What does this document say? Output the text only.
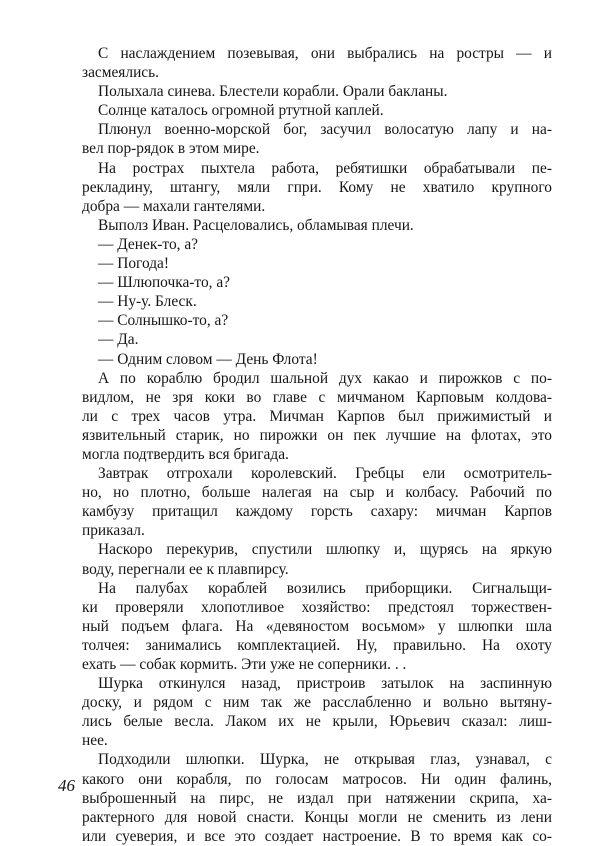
С наслаждением позевывая, они выбрались на ростры — и
засмеялись.
Полыхала синева. Блестели корабли. Орали бакланы.
Солнце каталось огромной ртутной каплей.
Плюнул военно-морской бог, засучил волосатую лапу и на-
вел пор-рядок в этом мире.
На рострах пыхтела работа, ребятишки обрабатывали пе-
рекладину, штангу, мяли гпри. Кому не хватило крупного
добра — махали гантелями.
Выполз Иван. Расцеловались, обламывая плечи.
— Денек-то, а?
— Погода!
— Шлюпочка-то, а?
— Ну-у. Блеск.
— Солнышко-то, а?
— Да.
— Одним словом — День Флота!
А по кораблю бродил шальной дух какао и пирожков с по-
видлом, не зря коки во главе с мичманом Карповым колдова-
ли с трех часов утра. Мичман Карпов был прижимистый и
язвительный старик, но пирожки он пек лучшие на флотах, это
могла подтвердить вся бригада.
Завтрак отгрохали королевский. Гребцы ели осмотритель-
но, но плотно, больше налегая на сыр и колбасу. Рабочий по
камбузу притащил каждому горсть сахару: мичман Карпов
приказал.
Наскоро перекурив, спустили шлюпку и, щурясь на яркую
воду, перегнали ее к плавпирсу.
На палубах кораблей возились приборщики. Сигнальщи-
ки проверяли хлопотливое хозяйство: предстоял торжествен-
ный подъем флага. На «девяностом восьмом» у шлюпки шла
толчея: занимались комплектацией. Ну, правильно. На охоту
ехать — собак кормить. Эти уже не соперники. . .
Шурка откинулся назад, пристроив затылок на заспинную
доску, и рядом с ним так же расслабленно и вольно вытяну-
лись белые весла. Лаком их не крыли, Юрьевич сказал: лиш-
нее.
Подходили шлюпки. Шурка, не открывая глаз, узнавал, с
какого они корабля, по голосам матросов. Ни один фалинь,
выброшенный на пирс, не издал при натяжении скрипа, ха-
рактерного для новой снасти. Концы могли не сменить из лени
или суеверия, и все это создает настроение. В то время как со-
46
